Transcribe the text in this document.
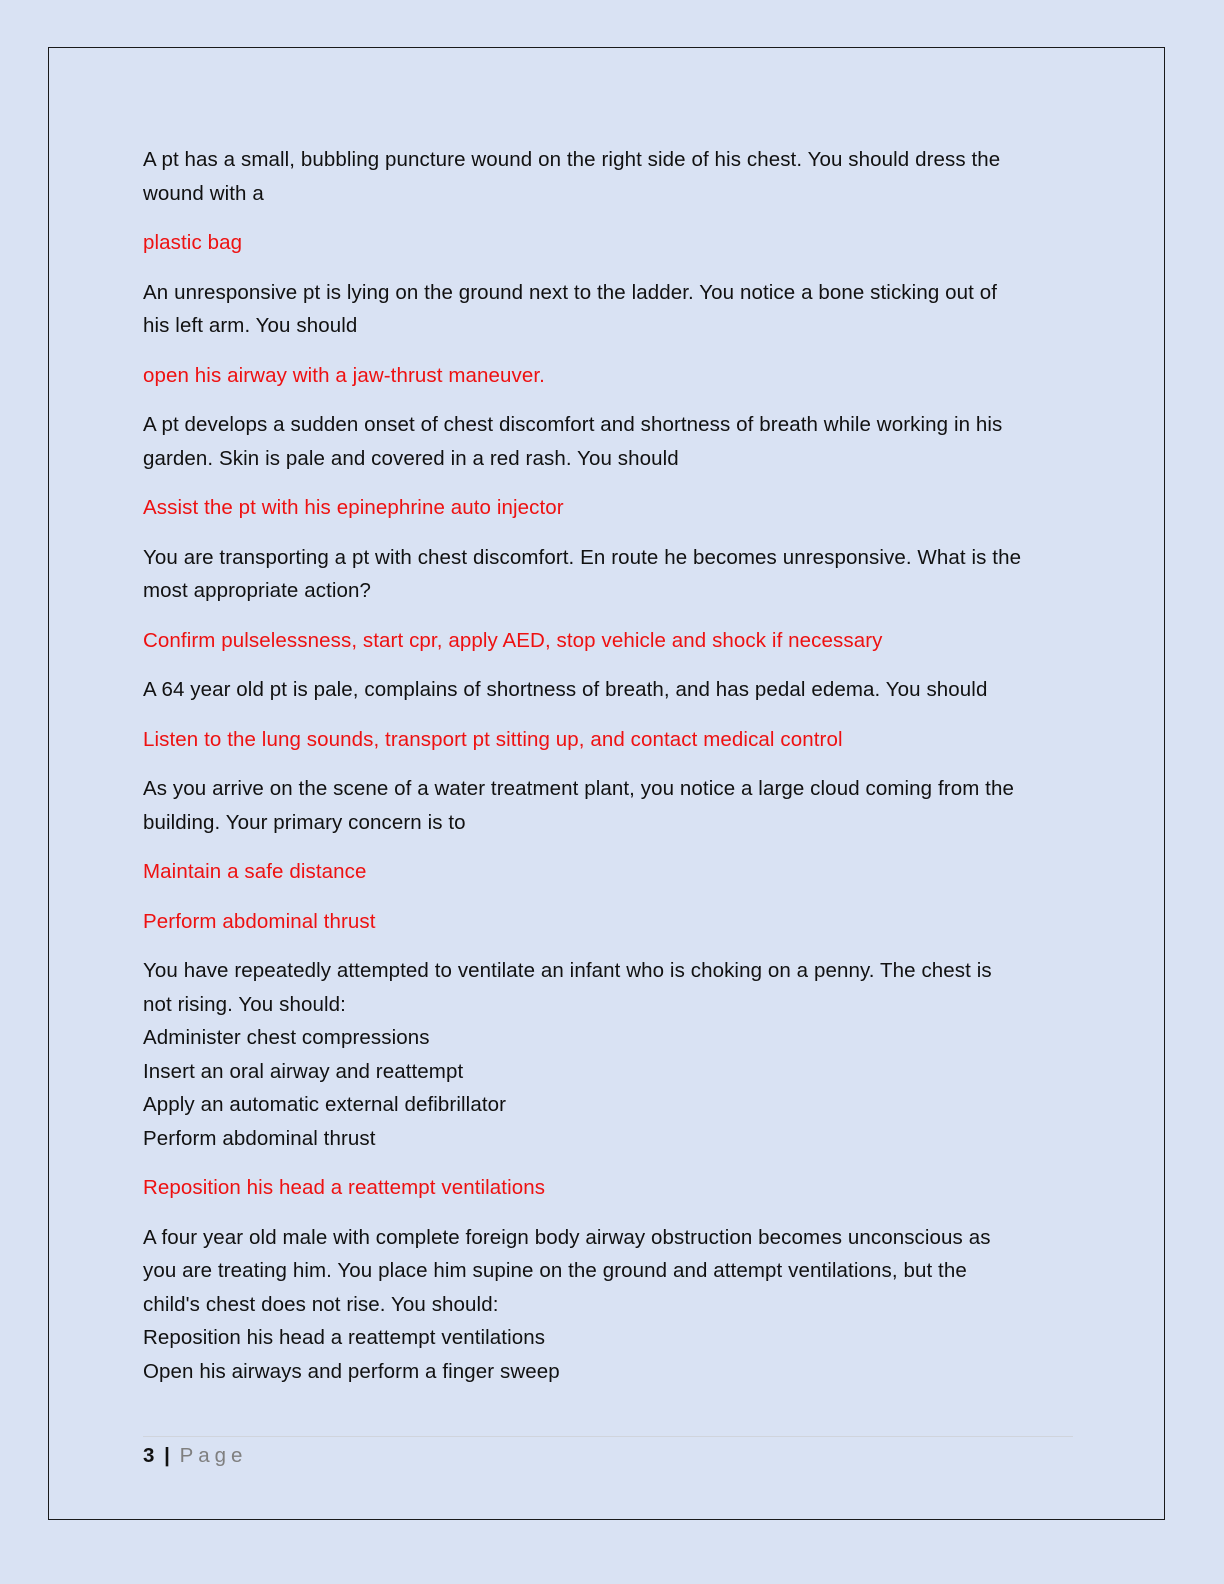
A pt has a small, bubbling puncture wound on the right side of his chest. You should dress the
wound with a
plastic bag
An unresponsive pt is lying on the ground next to the ladder. You notice a bone sticking out of
his left arm. You should
open his airway with a jaw-thrust maneuver.
A pt develops a sudden onset of chest discomfort and shortness of breath while working in his
garden. Skin is pale and covered in a red rash. You should
Assist the pt with his epinephrine auto injector
You are transporting a pt with chest discomfort. En route he becomes unresponsive. What is the
most appropriate action?
Confirm pulselessness, start cpr, apply AED, stop vehicle and shock if necessary
A 64 year old pt is pale, complains of shortness of breath, and has pedal edema. You should
Listen to the lung sounds, transport pt sitting up, and contact medical control
As you arrive on the scene of a water treatment plant, you notice a large cloud coming from the
building. Your primary concern is to
Maintain a safe distance
Perform abdominal thrust
You have repeatedly attempted to ventilate an infant who is choking on a penny. The chest is
not rising. You should:
Administer chest compressions
Insert an oral airway and reattempt
Apply an automatic external defibrillator
Perform abdominal thrust
Reposition his head a reattempt ventilations
A four year old male with complete foreign body airway obstruction becomes unconscious as
you are treating him. You place him supine on the ground and attempt ventilations, but the
child's chest does not rise. You should:
Reposition his head a reattempt ventilations
Open his airways and perform a finger sweep
3 | Page
